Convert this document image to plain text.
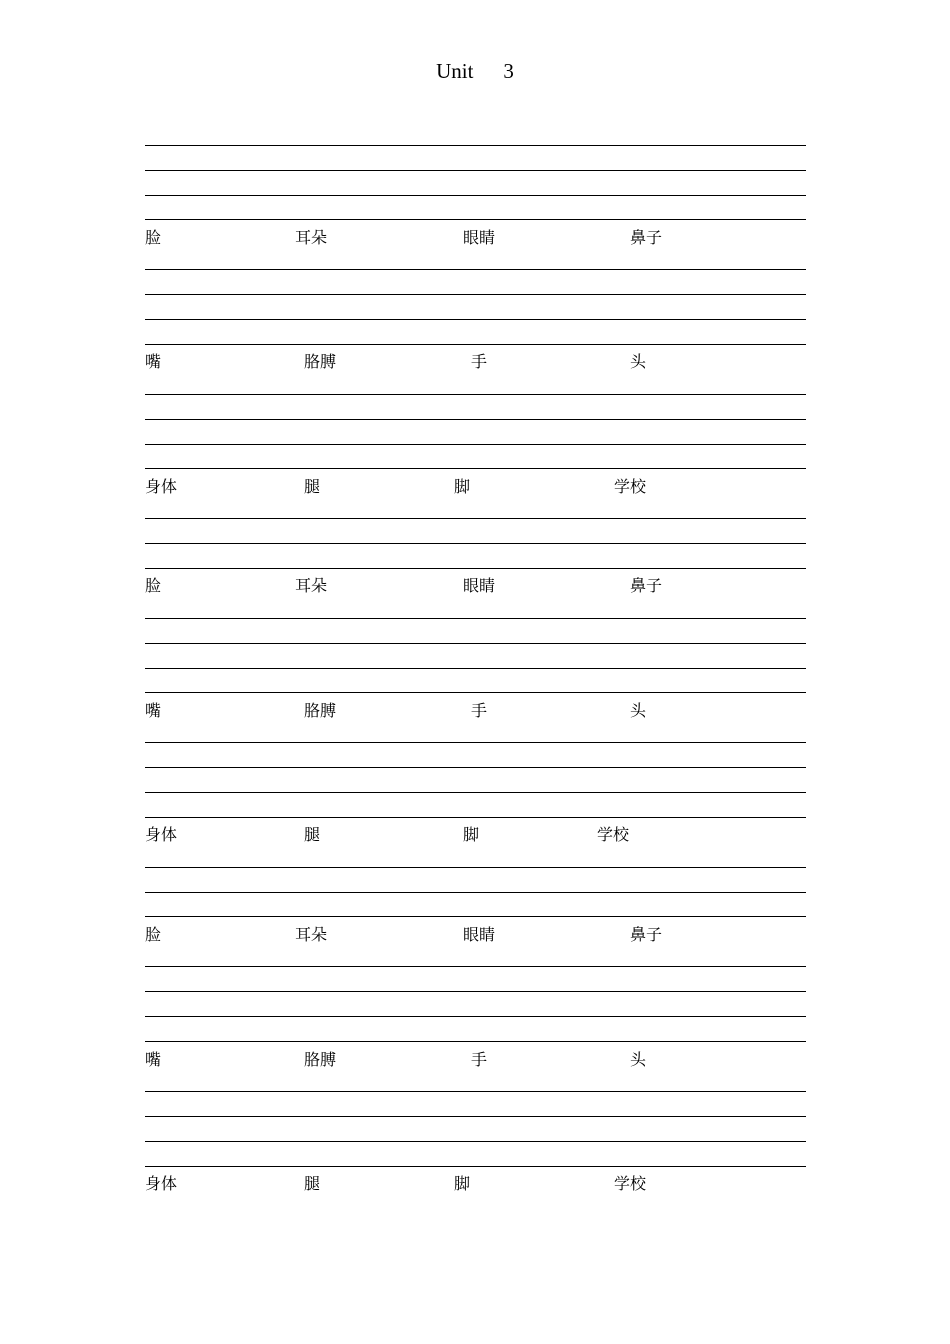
Unit 3
脸	耳朵	眼睛	鼻子
嘴	胳膊	手	头
身体	腿	脚	学校
脸	耳朵	眼睛	鼻子
嘴	胳膊	手	头
身体	腿	脚	学校
脸	耳朵	眼睛	鼻子
嘴	胳膊	手	头
身体	腿	脚	学校
